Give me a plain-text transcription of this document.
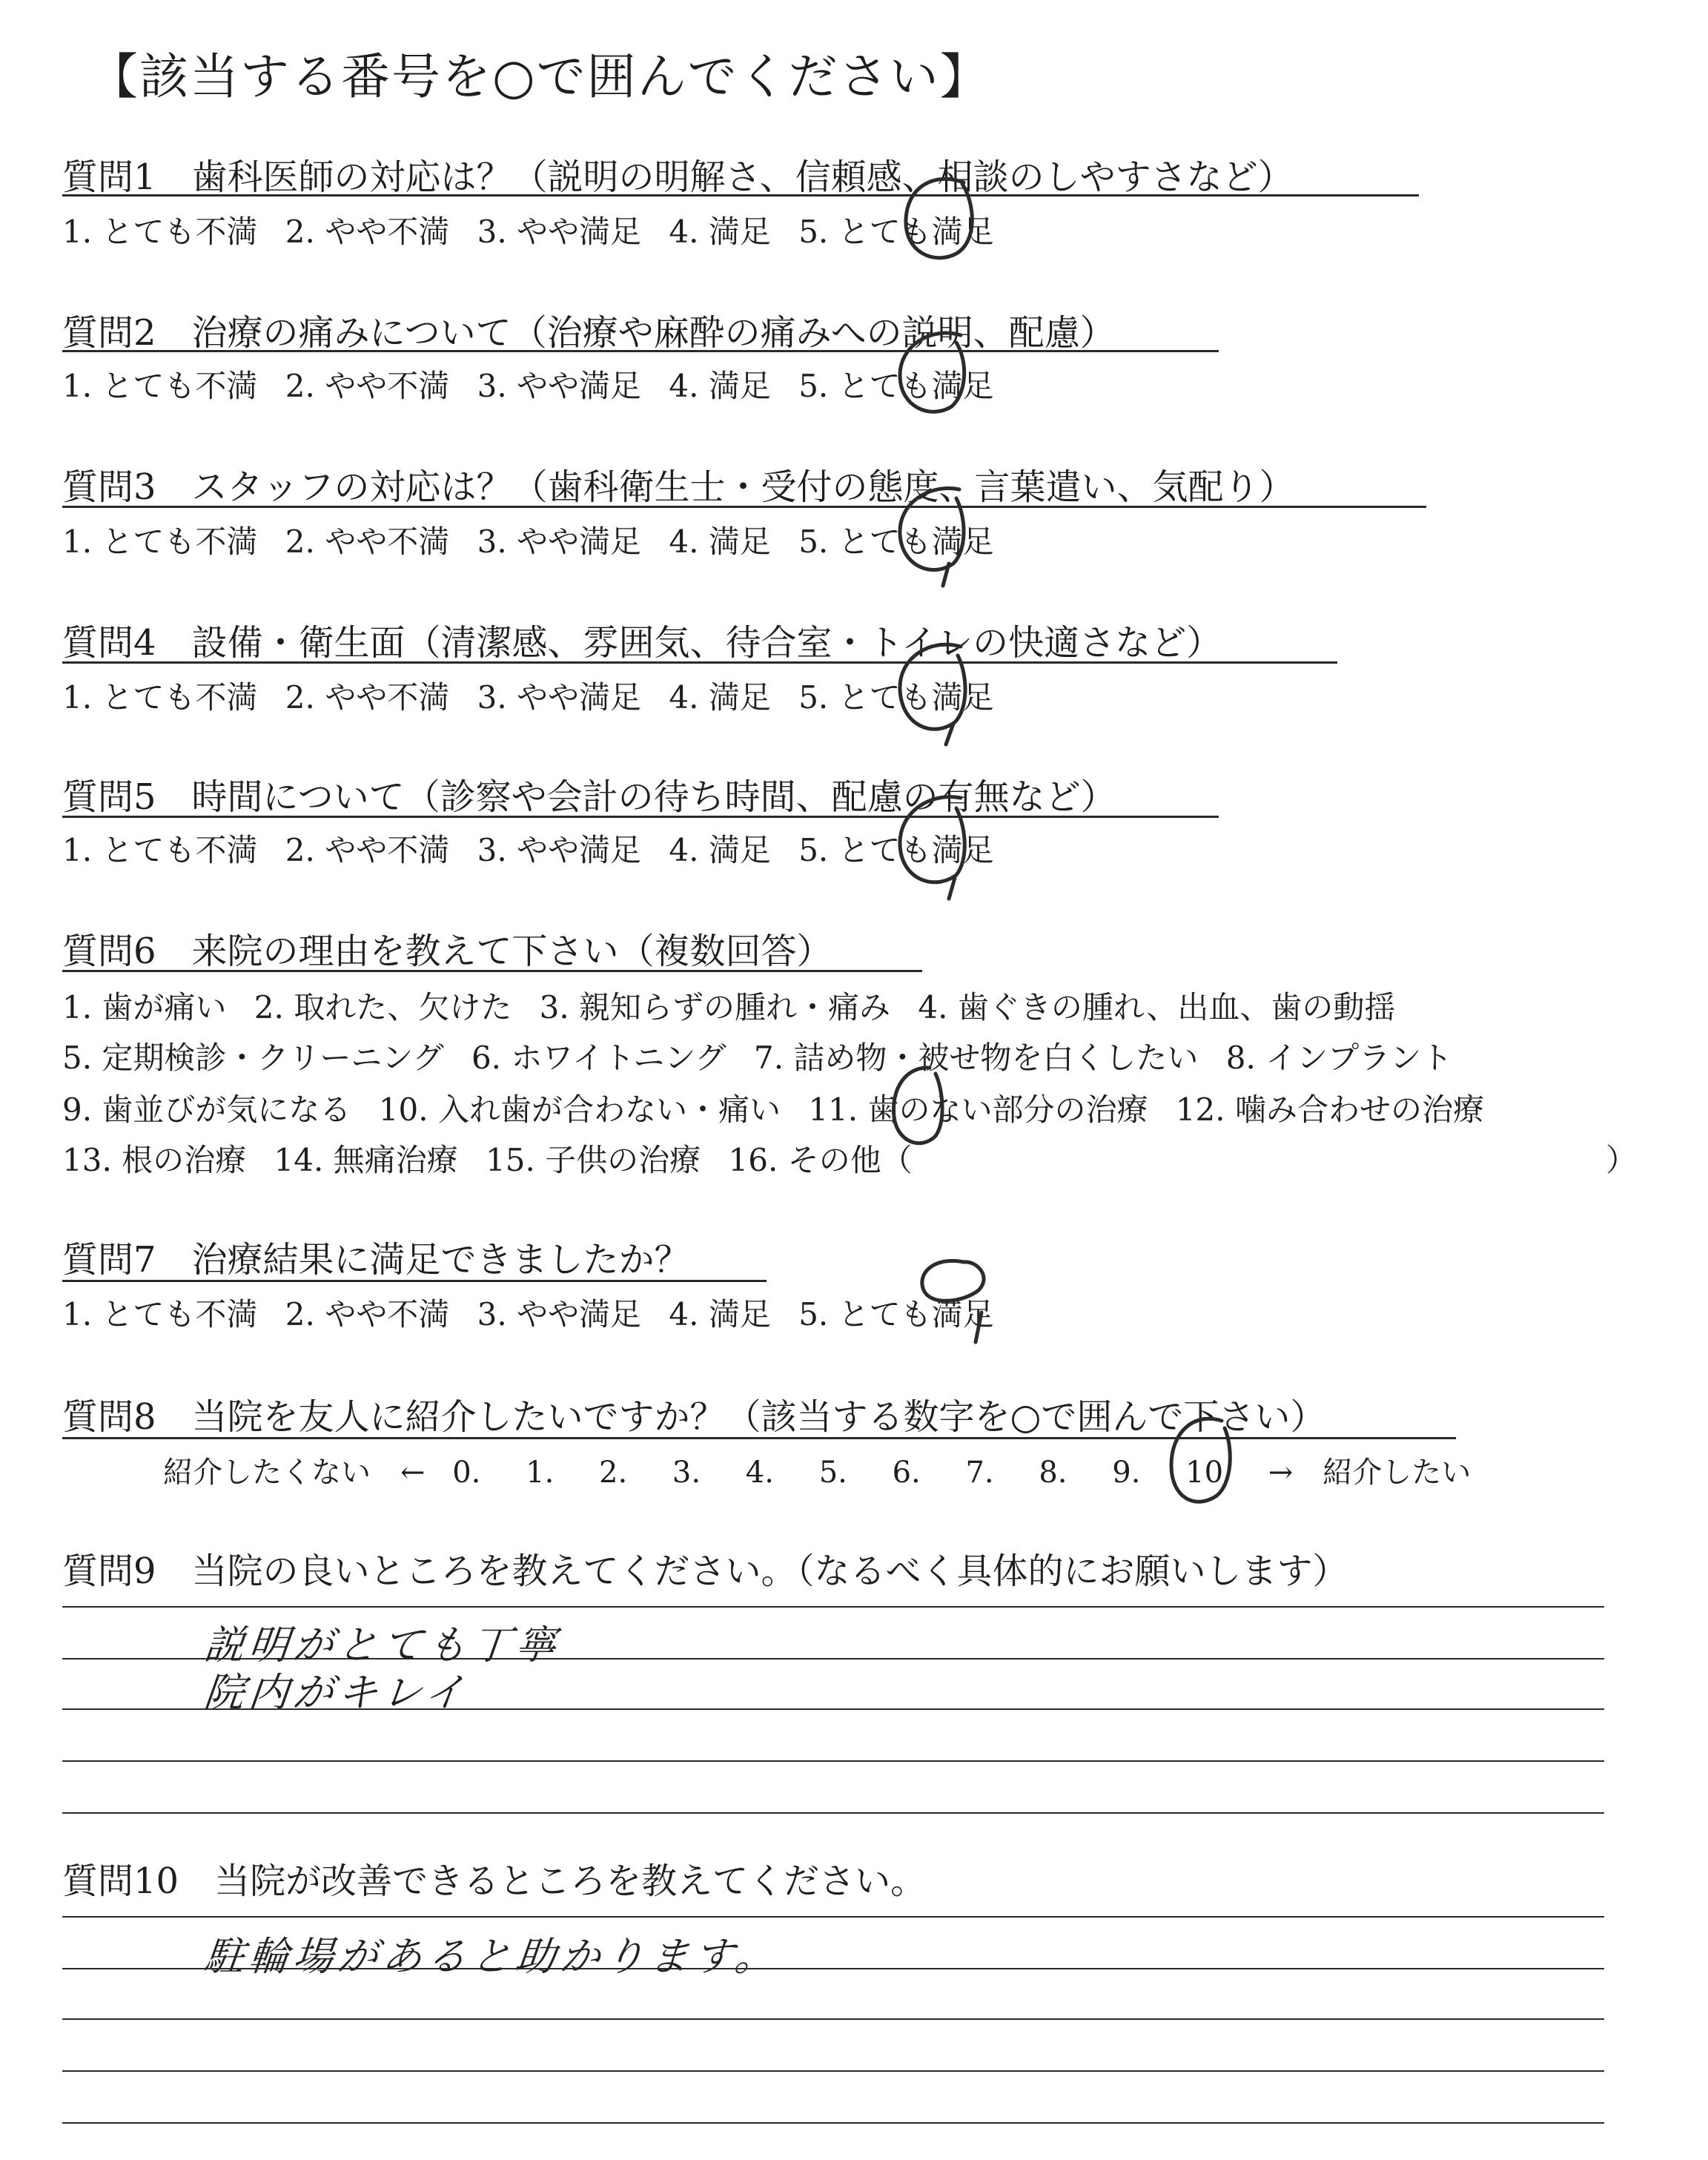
【該当する番号を○で囲んでください】
質問1　歯科医師の対応は？（説明の明解さ、信頼感、相談のしやすさなど）
1. とても不満 2. やや不満 3. やや満足 4. 満足 5. とても満足
質問2　治療の痛みについて（治療や麻酔の痛みへの説明、配慮）
1. とても不満 2. やや不満 3. やや満足 4. 満足 5. とても満足
質問3　スタッフの対応は？（歯科衛生士・受付の態度、言葉遣い、気配り）
1. とても不満 2. やや不満 3. やや満足 4. 満足 5. とても満足
質問4　設備・衛生面（清潔感、雰囲気、待合室・トイレの快適さなど）
1. とても不満 2. やや不満 3. やや満足 4. 満足 5. とても満足
質問5　時間について（診察や会計の待ち時間、配慮の有無など）
1. とても不満 2. やや不満 3. やや満足 4. 満足 5. とても満足
質問6　来院の理由を教えて下さい（複数回答）
1. 歯が痛い 2. 取れた、欠けた 3. 親知らずの腫れ・痛み 4. 歯ぐきの腫れ、出血、歯の動揺
5. 定期検診・クリーニング 6. ホワイトニング 7. 詰め物・被せ物を白くしたい 8. インプラント
9. 歯並びが気になる 10. 入れ歯が合わない・痛い 11. 歯のない部分の治療 12. 噛み合わせの治療
13. 根の治療 14. 無痛治療 15. 子供の治療 16. その他（	）
質問7　治療結果に満足できましたか？
1. とても不満 2. やや不満 3. やや満足 4. 満足 5. とても満足
質問8　当院を友人に紹介したいですか？（該当する数字を○で囲んで下さい）
紹介したくない　← 0. 1. 2. 3. 4. 5. 6. 7. 8. 9. 10 →　紹介したい
質問9　当院の良いところを教えてください。（なるべく具体的にお願いします）
説明がとても丁寧
院内がキレイ
質問10　当院が改善できるところを教えてください。
駐輪場があると助かります。
